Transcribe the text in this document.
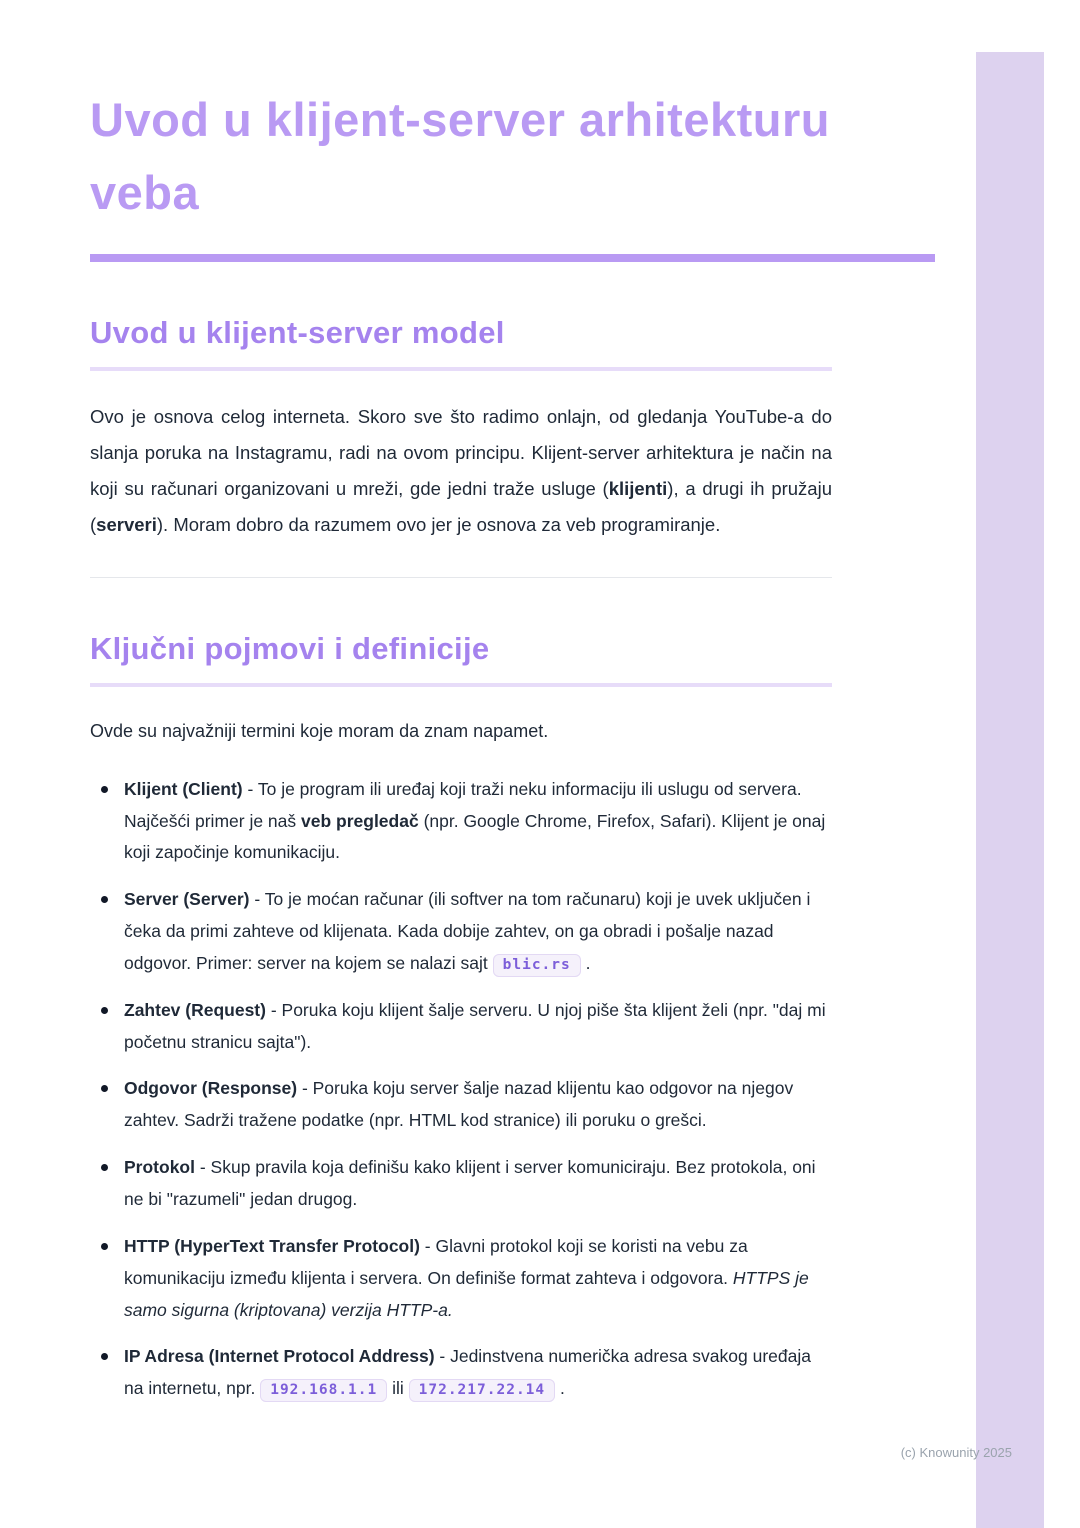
Uvod u klijent-server arhitekturu veba
Uvod u klijent-server model

Ovo je osnova celog interneta. Skoro sve što radimo onlajn, od gledanja YouTube-a do slanja poruka na Instagramu, radi na ovom principu. Klijent-server arhitektura je način na koji su računari organizovani u mreži, gde jedni traže usluge (klijenti), a drugi ih pružaju (serveri). Moram dobro da razumem ovo jer je osnova za veb programiranje.

Ključni pojmovi i definicije

Ovde su najvažniji termini koje moram da znam napamet.

Klijent (Client) - To je program ili uređaj koji traži neku informaciju ili uslugu od servera. Najčešći primer je naš veb pregledač (npr. Google Chrome, Firefox, Safari). Klijent je onaj koji započinje komunikaciju.
Server (Server) - To je moćan računar (ili softver na tom računaru) koji je uvek uključen i čeka da primi zahteve od klijenata. Kada dobije zahtev, on ga obradi i pošalje nazad odgovor. Primer: server na kojem se nalazi sajt blic.rs .
Zahtev (Request) - Poruka koju klijent šalje serveru. U njoj piše šta klijent želi (npr. "daj mi početnu stranicu sajta").
Odgovor (Response) - Poruka koju server šalje nazad klijentu kao odgovor na njegov zahtev. Sadrži tražene podatke (npr. HTML kod stranice) ili poruku o grešci.
Protokol - Skup pravila koja definišu kako klijent i server komuniciraju. Bez protokola, oni ne bi "razumeli" jedan drugog.
HTTP (HyperText Transfer Protocol) - Glavni protokol koji se koristi na vebu za komunikaciju između klijenta i servera. On definiše format zahteva i odgovora. HTTPS je samo sigurna (kriptovana) verzija HTTP-a.
IP Adresa (Internet Protocol Address) - Jedinstvena numerička adresa svakog uređaja na internetu, npr. 192.168.1.1 ili 172.217.22.14 .
(c) Knowunity 2025
